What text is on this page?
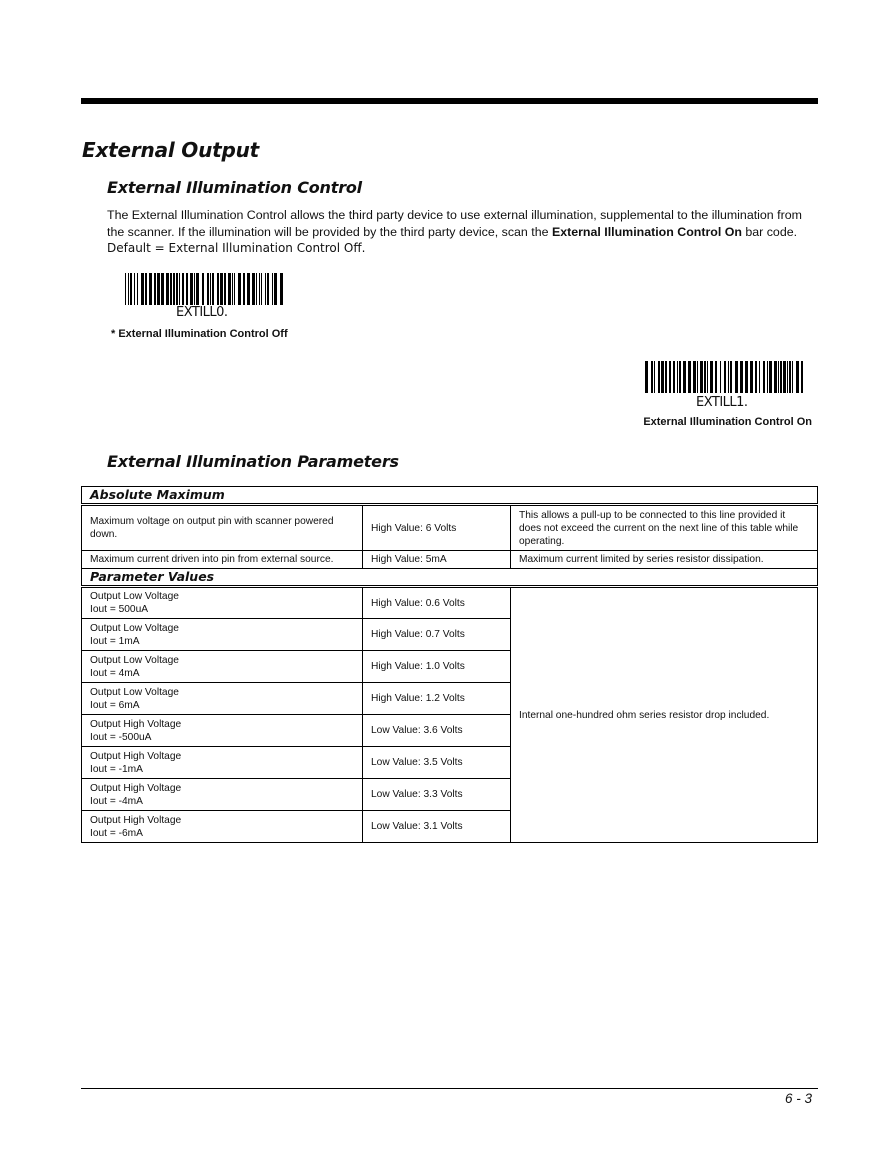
External Output
External Illumination Control
The External Illumination Control allows the third party device to use external illumination, supplemental to the illumination from the scanner. If the illumination will be provided by the third party device, scan the External Illumination Control On bar code. Default = External Illumination Control Off.
EXTILL0.
* External Illumination Control Off
EXTILL1.
External Illumination Control On
External Illumination Parameters
Absolute Maximum		
Maximum voltage on output pin with scanner powered down.	High Value: 6 Volts	This allows a pull-up to be connected to this line provided it does not exceed the current on the next line of this table while operating.
Maximum current driven into pin from external source.	High Value: 5mA	Maximum current limited by series resistor dissipation.
Parameter Values		
Output Low Voltage
Iout = 500uA	High Value: 0.6 Volts	Internal one-hundred ohm series resistor drop included.
Output Low Voltage
Iout = 1mA	High Value: 0.7 Volts	
Output Low Voltage
Iout = 4mA	High Value: 1.0 Volts	
Output Low Voltage
Iout = 6mA	High Value: 1.2 Volts	
Output High Voltage
Iout = -500uA	Low Value: 3.6 Volts	
Output High Voltage
Iout = -1mA	Low Value: 3.5 Volts	
Output High Voltage
Iout = -4mA	Low Value: 3.3 Volts	
Output High Voltage
Iout = -6mA	Low Value: 3.1 Volts	
6 - 3
